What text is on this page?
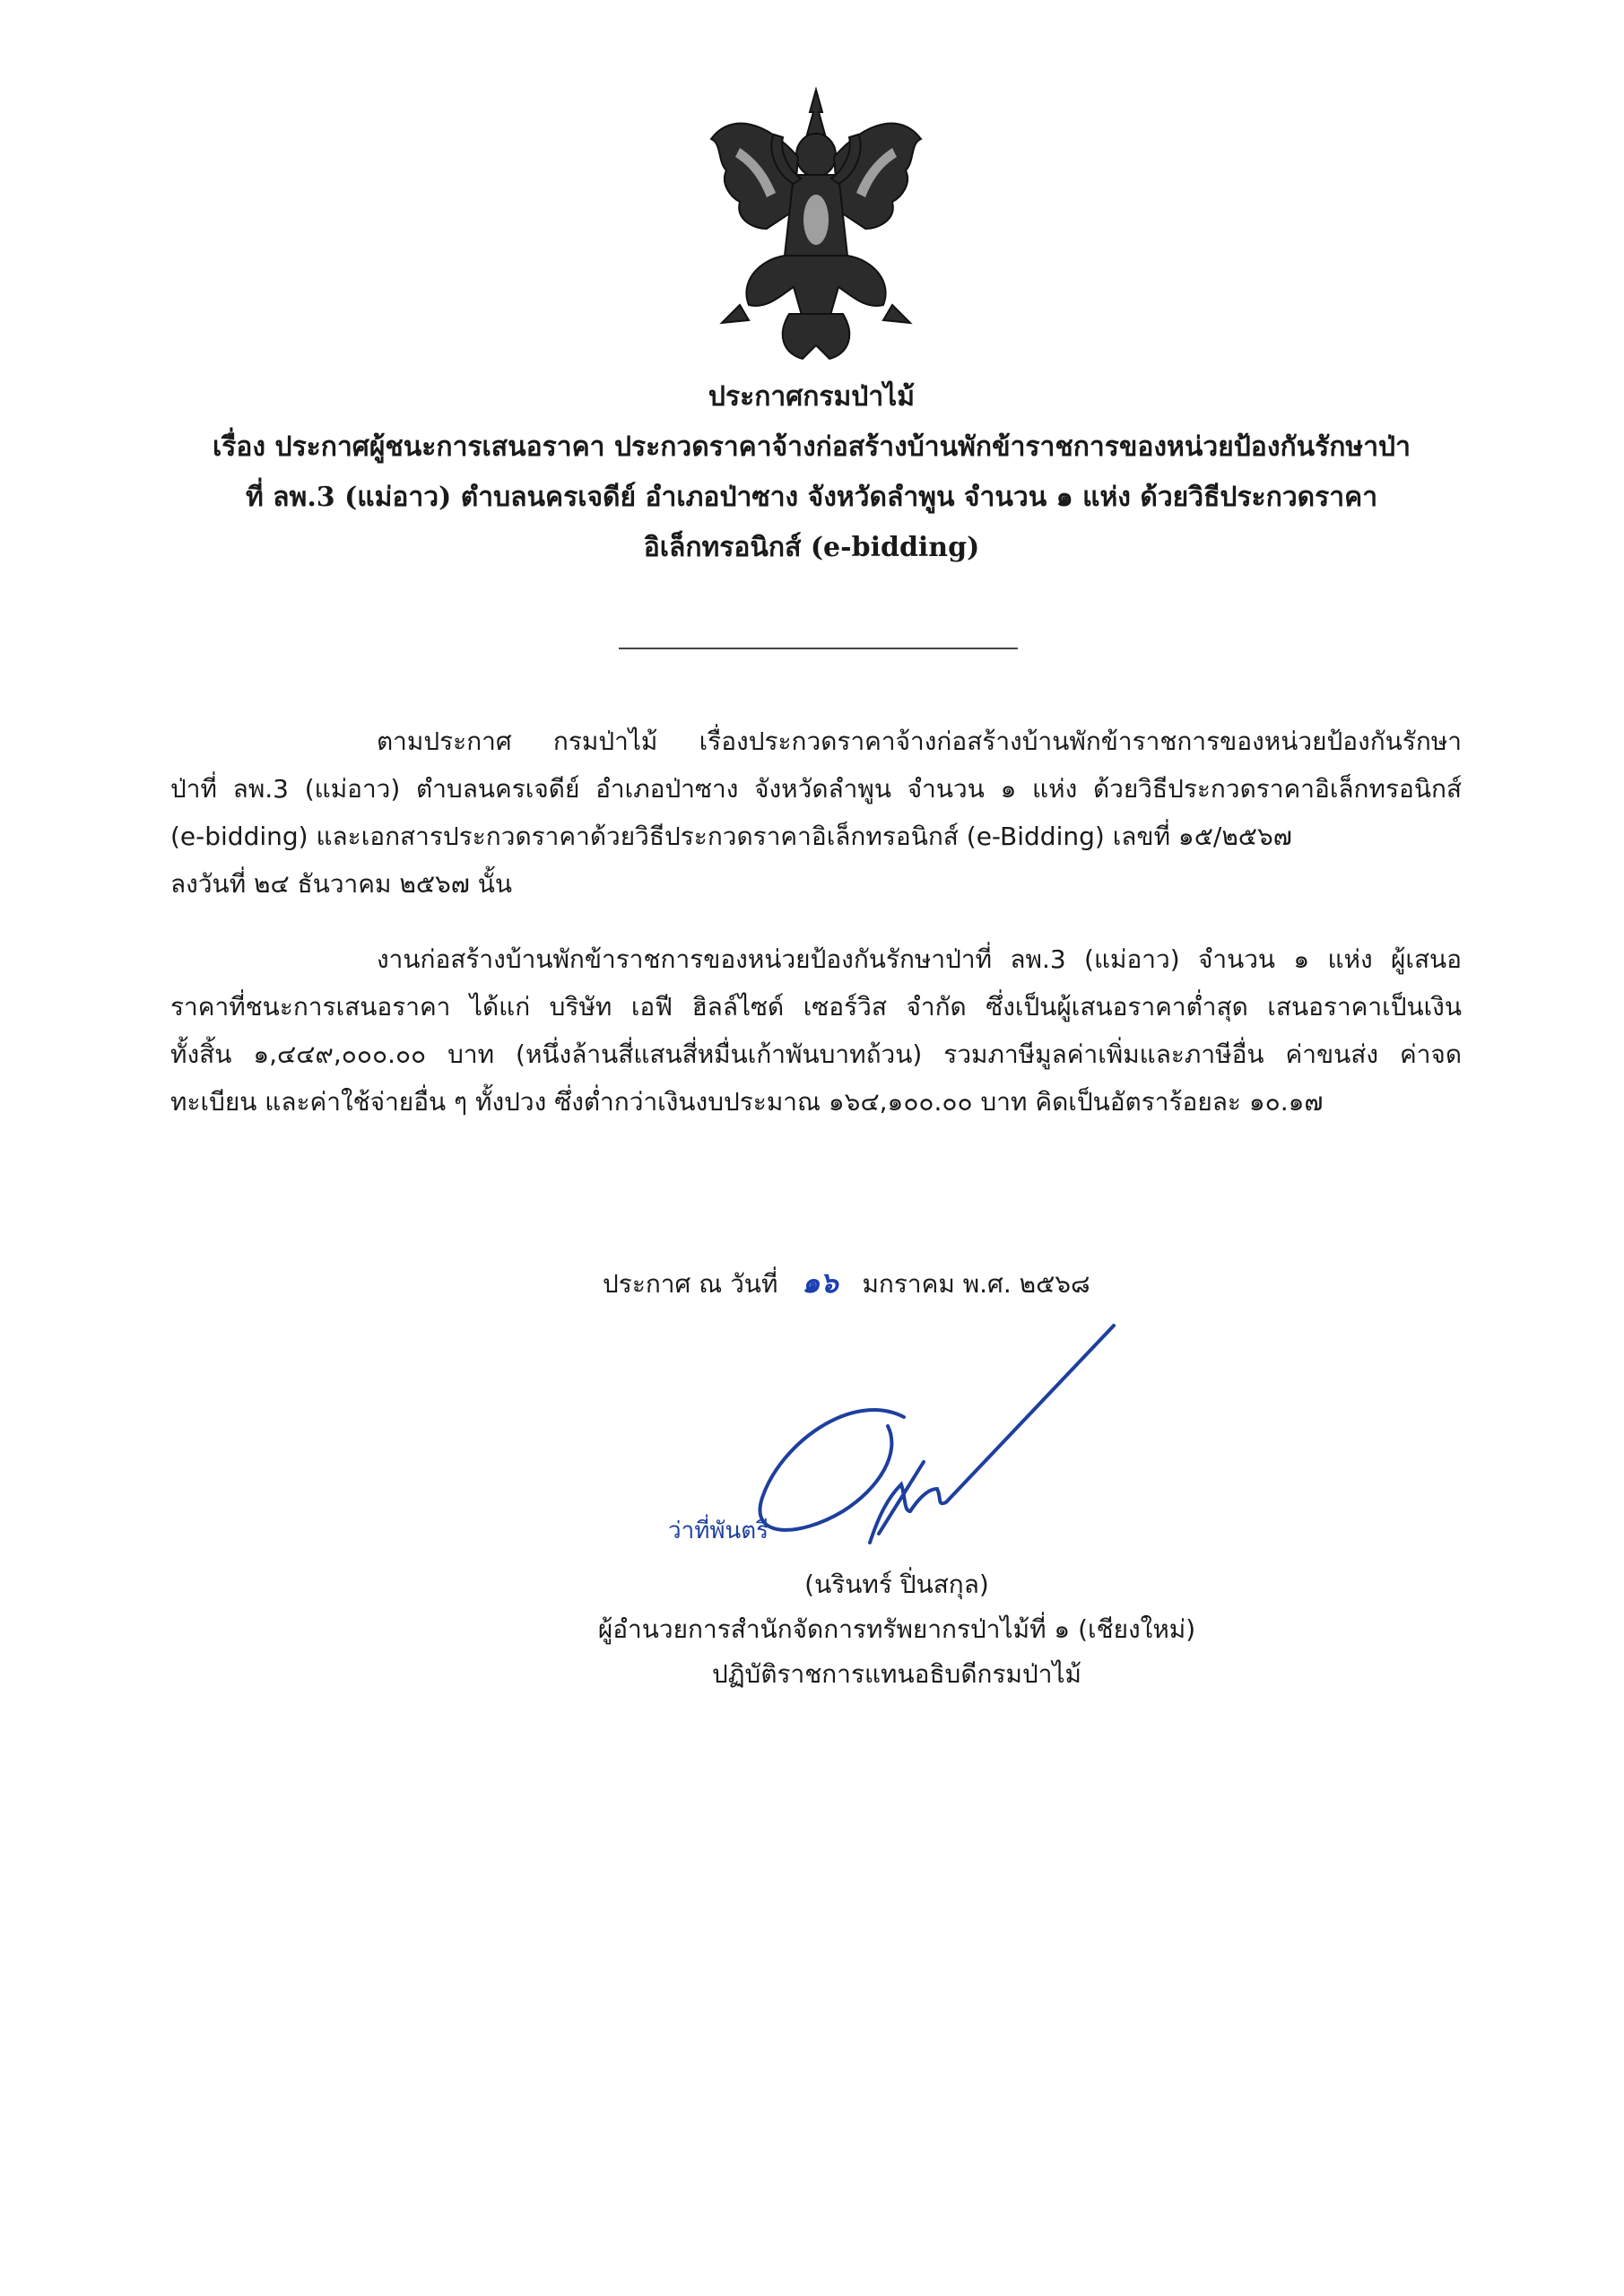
ประกาศกรมป่าไม้
เรื่อง ประกาศผู้ชนะการเสนอราคา ประกวดราคาจ้างก่อสร้างบ้านพักข้าราชการของหน่วยป้องกันรักษาป่า
ที่ ลพ.3 (แม่อาว) ตำบลนครเจดีย์ อำเภอป่าซาง จังหวัดลำพูน จำนวน ๑ แห่ง ด้วยวิธีประกวดราคา
อิเล็กทรอนิกส์ (e-bidding)
ตามประกาศ กรมป่าไม้ เรื่องประกวดราคาจ้างก่อสร้างบ้านพักข้าราชการของหน่วยป้องกันรักษา
ป่าที่ ลพ.3 (แม่อาว) ตำบลนครเจดีย์ อำเภอป่าซาง จังหวัดลำพูน จำนวน ๑ แห่ง ด้วยวิธีประกวดราคาอิเล็กทรอนิกส์
(e-bidding) และเอกสารประกวดราคาด้วยวิธีประกวดราคาอิเล็กทรอนิกส์ (e-Bidding) เลขที่ ๑๕/๒๕๖๗
ลงวันที่ ๒๔ ธันวาคม ๒๕๖๗ นั้น
งานก่อสร้างบ้านพักข้าราชการของหน่วยป้องกันรักษาป่าที่ ลพ.3 (แม่อาว) จำนวน ๑ แห่ง ผู้เสนอ
ราคาที่ชนะการเสนอราคา ได้แก่ บริษัท เอฟี ฮิลล์ไซด์ เซอร์วิส จำกัด ซึ่งเป็นผู้เสนอราคาต่ำสุด เสนอราคาเป็นเงิน
ทั้งสิ้น ๑,๔๔๙,๐๐๐.๐๐ บาท (หนึ่งล้านสี่แสนสี่หมื่นเก้าพันบาทถ้วน) รวมภาษีมูลค่าเพิ่มและภาษีอื่น ค่าขนส่ง ค่าจด
ทะเบียน และค่าใช้จ่ายอื่น ๆ ทั้งปวง ซึ่งต่ำกว่าเงินงบประมาณ ๑๖๔,๑๐๐.๐๐ บาท คิดเป็นอัตราร้อยละ ๑๐.๑๗
ประกาศ ณ วันที่ ๑๖ มกราคม พ.ศ. ๒๕๖๘
ว่าที่พันตรี
(นรินทร์ ปิ่นสกุล)
ผู้อำนวยการสำนักจัดการทรัพยากรป่าไม้ที่ ๑ (เชียงใหม่)
ปฏิบัติราชการแทนอธิบดีกรมป่าไม้
